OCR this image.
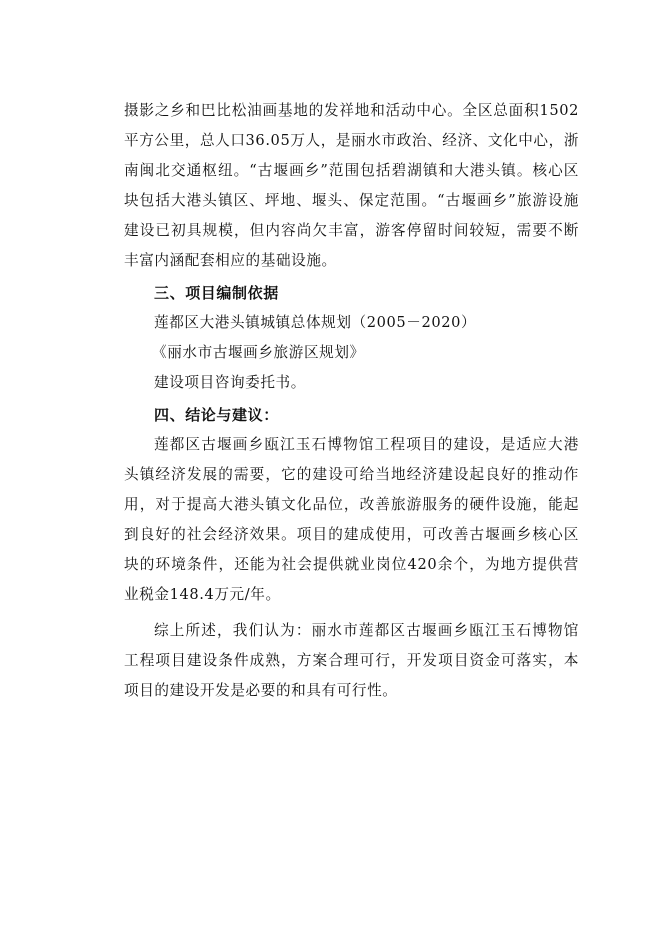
摄影之乡和巴比松油画基地的发祥地和活动中心。全区总面积1502平方公里，总人口36.05万人，是丽水市政治、经济、文化中心，浙南闽北交通枢纽。“古堰画乡”范围包括碧湖镇和大港头镇。核心区块包括大港头镇区、坪地、堰头、保定范围。“古堰画乡”旅游设施建设已初具规模，但内容尚欠丰富，游客停留时间较短，需要不断丰富内涵配套相应的基础设施。

三、项目编制依据

莲都区大港头镇城镇总体规划（2005－2020）

《丽水市古堰画乡旅游区规划》

建设项目咨询委托书。

四、结论与建议：

莲都区古堰画乡瓯江玉石博物馆工程项目的建设，是适应大港头镇经济发展的需要，它的建设可给当地经济建设起良好的推动作用，对于提高大港头镇文化品位，改善旅游服务的硬件设施，能起到良好的社会经济效果。项目的建成使用，可改善古堰画乡核心区块的环境条件，还能为社会提供就业岗位420余个，为地方提供营业税金148.4万元/年。

综上所述，我们认为：丽水市莲都区古堰画乡瓯江玉石博物馆工程项目建设条件成熟，方案合理可行，开发项目资金可落实，本项目的建设开发是必要的和具有可行性。
